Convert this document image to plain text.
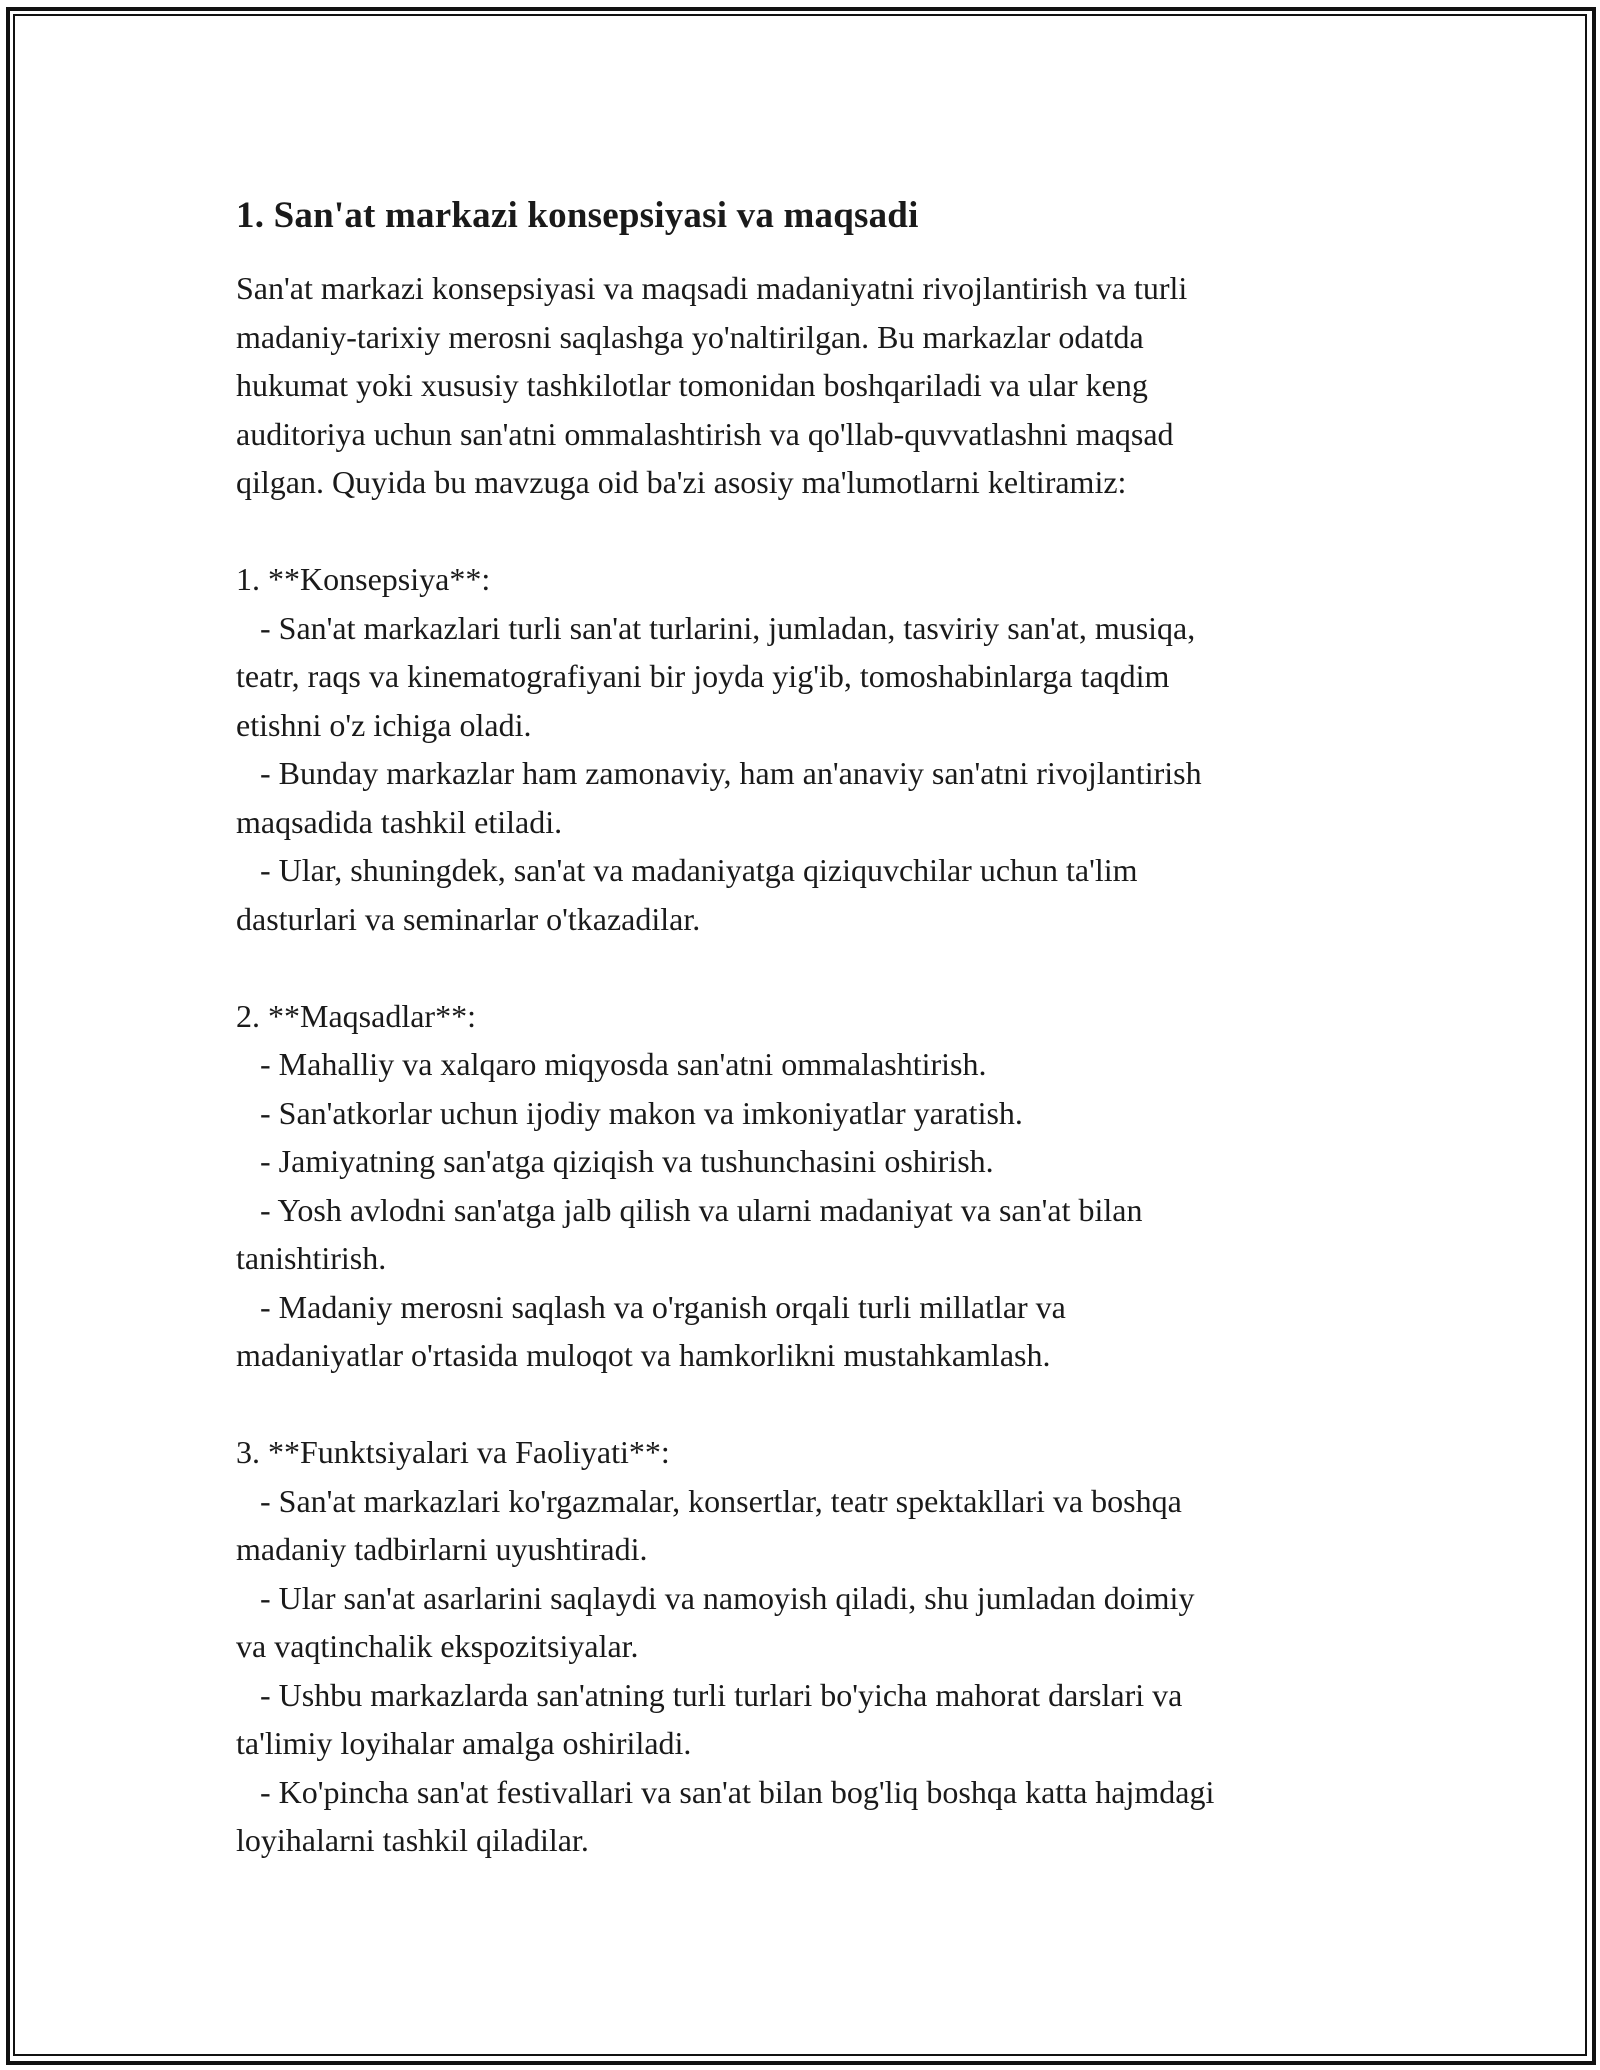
1. San'at markazi konsepsiyasi va maqsadi
San'at markazi konsepsiyasi va maqsadi madaniyatni rivojlantirish va turli
madaniy-tarixiy merosni saqlashga yo'naltirilgan. Bu markazlar odatda
hukumat yoki xususiy tashkilotlar tomonidan boshqariladi va ular keng
auditoriya uchun san'atni ommalashtirish va qo'llab-quvvatlashni maqsad
qilgan. Quyida bu mavzuga oid ba'zi asosiy ma'lumotlarni keltiramiz:

1. **Konsepsiya**:
- San'at markazlari turli san'at turlarini, jumladan, tasviriy san'at, musiqa,
teatr, raqs va kinematografiyani bir joyda yig'ib, tomoshabinlarga taqdim
etishni o'z ichiga oladi.
- Bunday markazlar ham zamonaviy, ham an'anaviy san'atni rivojlantirish
maqsadida tashkil etiladi.
- Ular, shuningdek, san'at va madaniyatga qiziquvchilar uchun ta'lim
dasturlari va seminarlar o'tkazadilar.

2. **Maqsadlar**:
- Mahalliy va xalqaro miqyosda san'atni ommalashtirish.
- San'atkorlar uchun ijodiy makon va imkoniyatlar yaratish.
- Jamiyatning san'atga qiziqish va tushunchasini oshirish.
- Yosh avlodni san'atga jalb qilish va ularni madaniyat va san'at bilan
tanishtirish.
- Madaniy merosni saqlash va o'rganish orqali turli millatlar va
madaniyatlar o'rtasida muloqot va hamkorlikni mustahkamlash.

3. **Funktsiyalari va Faoliyati**:
- San'at markazlari ko'rgazmalar, konsertlar, teatr spektakllari va boshqa
madaniy tadbirlarni uyushtiradi.
- Ular san'at asarlarini saqlaydi va namoyish qiladi, shu jumladan doimiy
va vaqtinchalik ekspozitsiyalar.
- Ushbu markazlarda san'atning turli turlari bo'yicha mahorat darslari va
ta'limiy loyihalar amalga oshiriladi.
- Ko'pincha san'at festivallari va san'at bilan bog'liq boshqa katta hajmdagi
loyihalarni tashkil qiladilar.
